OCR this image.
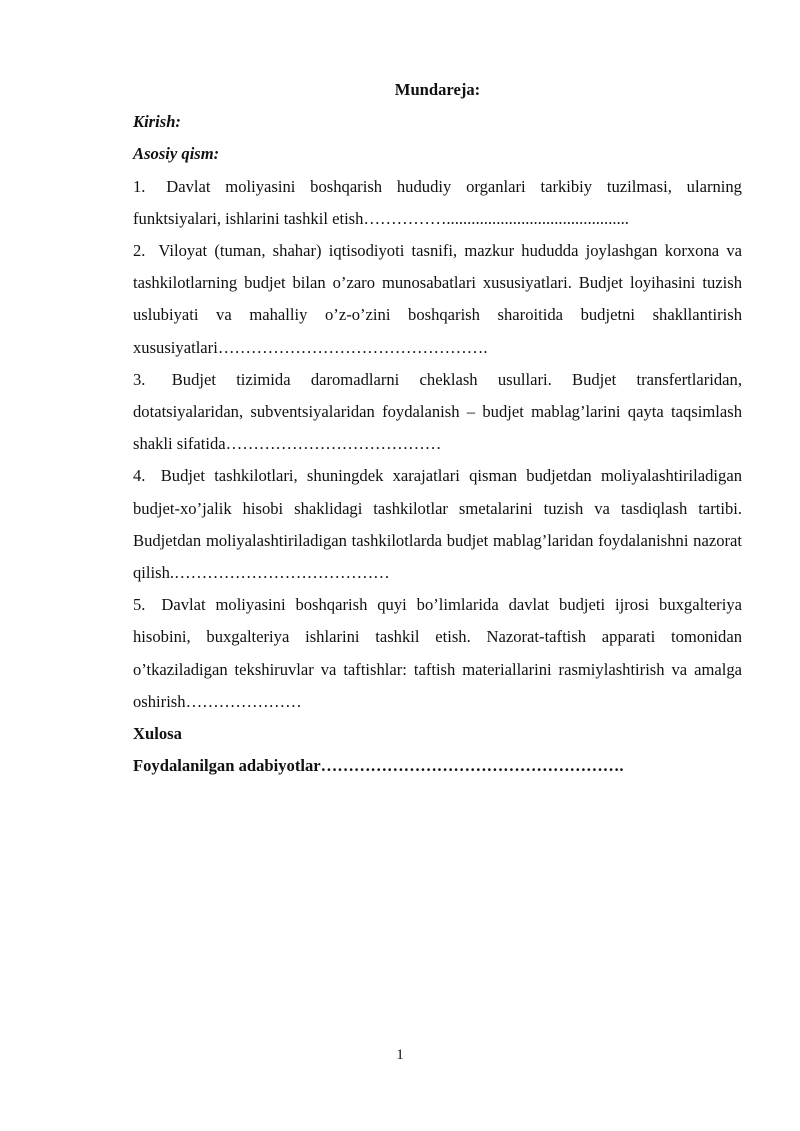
Mundareja:

Kirish:

Asosiy qism:

1. Davlat moliyasini boshqarish hududiy organlari tarkibiy tuzilmasi, ularning funktsiyalari, ishlarini tashkil etish……………............................................

2. Viloyat (tuman, shahar) iqtisodiyoti tasnifi, mazkur hududda joylashgan korxona va tashkilotlarning budjet bilan o’zaro munosabatlari xususiyatlari. Budjet loyihasini tuzish uslubiyati va mahalliy o’z-o’zini boshqarish sharoitida budjetni shakllantirish xususiyatlari………………………………………….

3. Budjet tizimida daromadlarni cheklash usullari. Budjet transfertlaridan, dotatsiyalaridan, subventsiyalaridan foydalanish – budjet mablag’larini qayta taqsimlash shakli sifatida…………………………………

4. Budjet tashkilotlari, shuningdek xarajatlari qisman budjetdan moliyalashtiriladigan budjet-xo’jalik hisobi shaklidagi tashkilotlar smetalarini tuzish va tasdiqlash tartibi. Budjetdan moliyalashtiriladigan tashkilotlarda budjet mablag’laridan foydalanishni nazorat qilish.…………………………………

5. Davlat moliyasini boshqarish quyi bo’limlarida davlat budjeti ijrosi buxgalteriya hisobini, buxgalteriya ishlarini tashkil etish. Nazorat-taftish apparati tomonidan o’tkaziladigan tekshiruvlar va taftishlar: taftish materiallarini rasmiylashtirish va amalga oshirish…………………

Xulosa

Foydalanilgan adabiyotlar……………………………………………….

1
